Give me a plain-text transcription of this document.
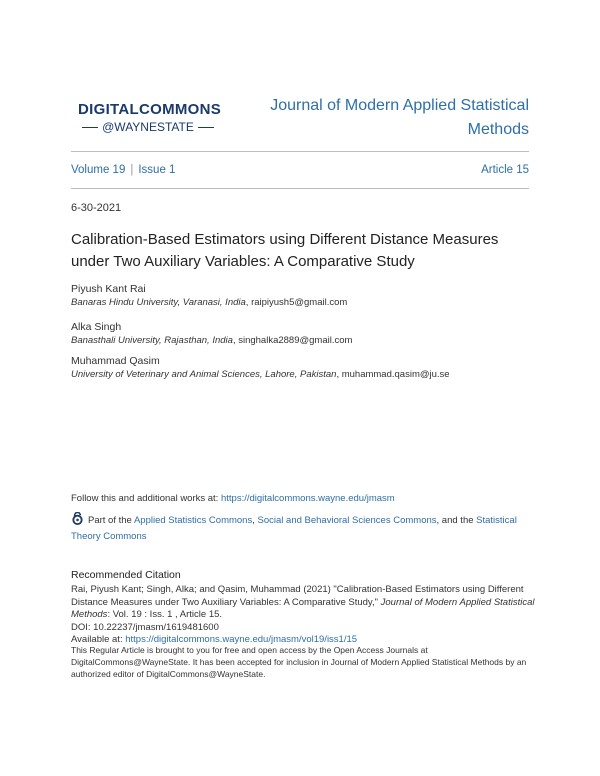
DIGITALCOMMONS
@WAYNESTATE
Journal of Modern Applied Statistical Methods
Volume 19 | Issue 1	Article 15
6-30-2021
Calibration-Based Estimators using Different Distance Measures under Two Auxiliary Variables: A Comparative Study
Piyush Kant Rai
Banaras Hindu University, Varanasi, India, raipiyush5@gmail.com
Alka Singh
Banasthali University, Rajasthan, India, singhalka2889@gmail.com
Muhammad Qasim
University of Veterinary and Animal Sciences, Lahore, Pakistan, muhammad.qasim@ju.se
Follow this and additional works at: https://digitalcommons.wayne.edu/jmasm
Part of the Applied Statistics Commons, Social and Behavioral Sciences Commons, and the Statistical Theory Commons
Recommended Citation
Rai, Piyush Kant; Singh, Alka; and Qasim, Muhammad (2021) "Calibration-Based Estimators using Different Distance Measures under Two Auxiliary Variables: A Comparative Study," Journal of Modern Applied Statistical Methods: Vol. 19 : Iss. 1 , Article 15.
DOI: 10.22237/jmasm/1619481600
Available at: https://digitalcommons.wayne.edu/jmasm/vol19/iss1/15
This Regular Article is brought to you for free and open access by the Open Access Journals at DigitalCommons@WayneState. It has been accepted for inclusion in Journal of Modern Applied Statistical Methods by an authorized editor of DigitalCommons@WayneState.
